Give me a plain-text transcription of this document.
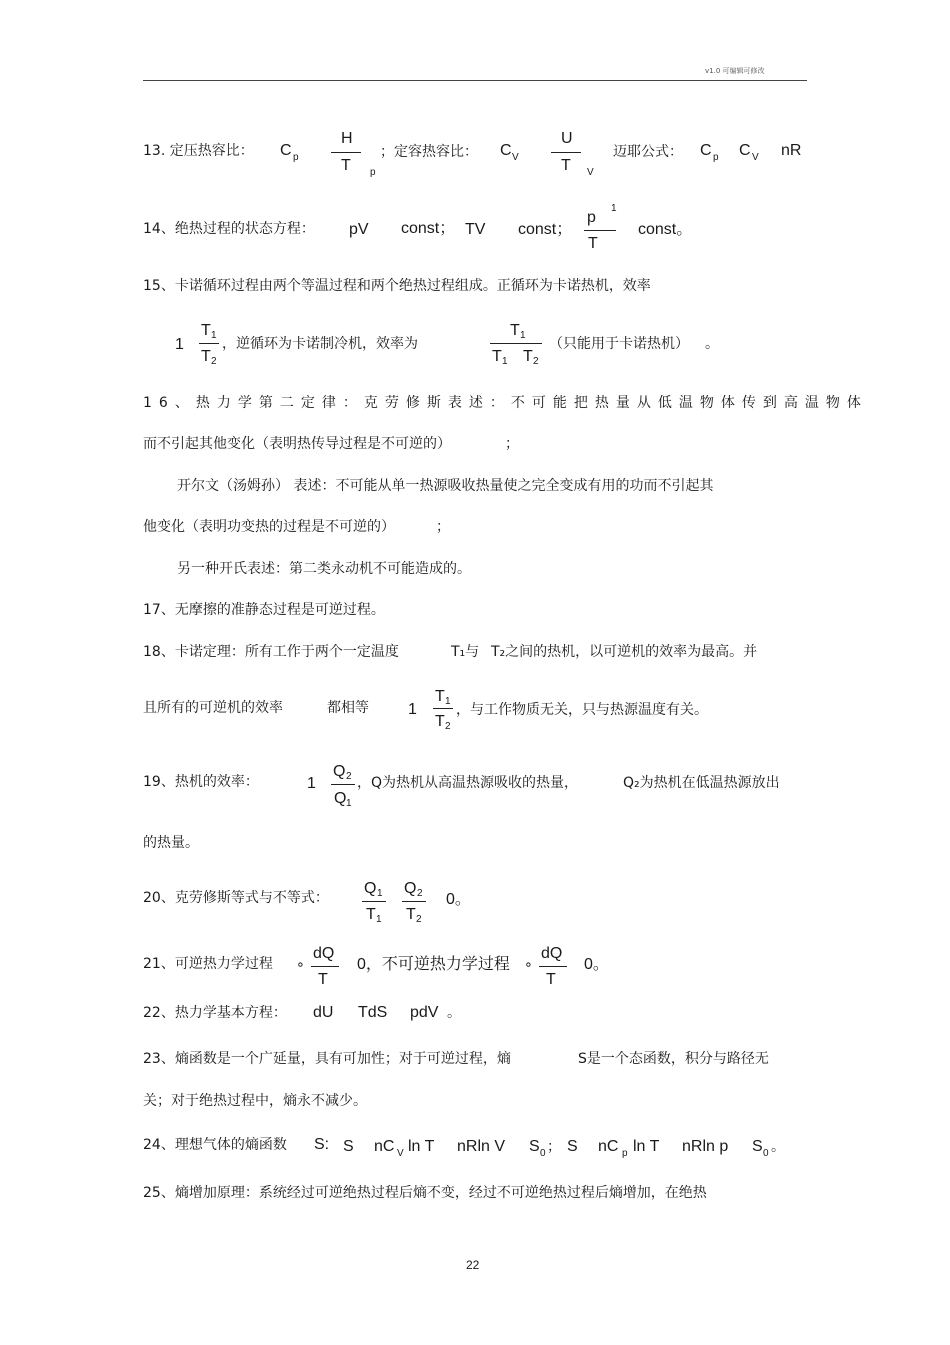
v1.0 可编辑可修改
13. 定压热容比： C p
H
T p
；定容热容比： C V
U
T V
迈耶公式： C p C V nR
14、绝热过程的状态方程： pV const； TV const；
p
1
T
const。
15、卡诺循环过程由两个等温过程和两个绝热过程组成。正循环为卡诺热机，效率
1
T 1
T 2
，逆循环为卡诺制冷机，效率为
T 1
T 1 T 2
（只能用于卡诺热机） 。
16、热力学第二定律：克劳修斯表述：不可能把热量从低温物体传到高温物体
而不引起其他变化（表明热传导过程是不可逆的）	；
开尔文（汤姆孙） 表述：不可能从单一热源吸收热量使之完全变成有用的功而不引起其
他变化（表明功变热的过程是不可逆的）	；
另一种开氏表述：第二类永动机不可能造成的。
17、无摩擦的准静态过程是可逆过程。
18、卡诺定理：所有工作于两个一定温度	T₁与 T₂之间的热机，以可逆机的效率为最高。并
且所有的可逆机的效率	都相等 1
T 1
T 2
，与工作物质无关，只与热源温度有关。
19、热机的效率：	1
Q 2
Q 1
，Q为热机从高温热源吸收的热量，	Q₂为热机在低温热源放出
的热量。
20、克劳修斯等式与不等式：
Q 1
T 1
Q 2
T 2
0。
21、可逆热力学过程 ∘
dQ
T
0，不可逆热力学过程 ∘
dQ
T
0。
22、热力学基本方程： dU TdS pdV 。
23、熵函数是一个广延量，具有可加性；对于可逆过程，熵	S是一个态函数，积分与路径无
关；对于绝热过程中，熵永不减少。
24、理想气体的熵函数 S: S nC V ln T nRln V S 0 ； S nC p ln T nRln p S 0 。
25、熵增加原理：系统经过可逆绝热过程后熵不变，经过不可逆绝热过程后熵增加，在绝热
22
